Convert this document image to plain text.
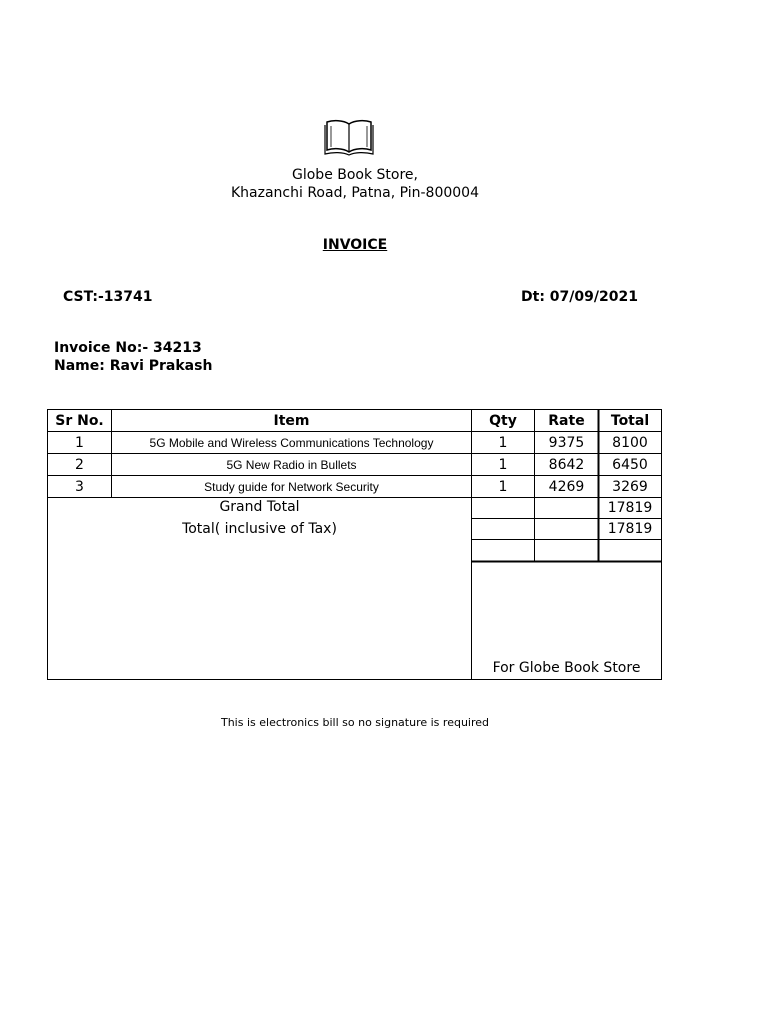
Globe Book Store,
Khazanchi Road, Patna, Pin-800004
INVOICE
CST:-13741	Dt: 07/09/2021
Invoice No:- 34213
Name: Ravi Prakash
Sr No.	Item	Qty	Rate	Total
1	5G Mobile and Wireless Communications Technology	1	9375	8100
2	5G New Radio in Bullets	1	8642	6450
3	Study guide for Network Security	1	4269	3269
Grand Total	17819
Total( inclusive of Tax)	17819
For Globe Book Store
This is electronics bill so no signature is required
